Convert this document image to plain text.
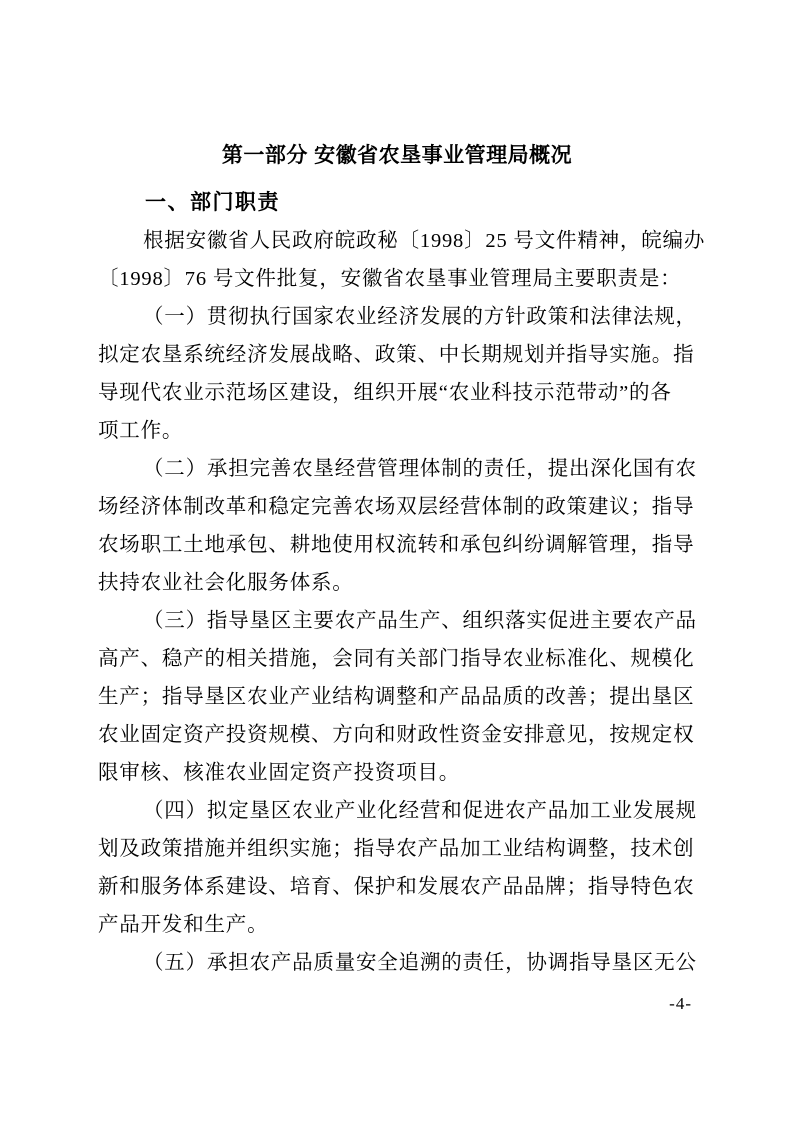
第一部分 安徽省农垦事业管理局概况
一、部门职责
根据安徽省人民政府皖政秘〔1998〕25 号文件精神，皖编办
〔1998〕76 号文件批复，安徽省农垦事业管理局主要职责是：
（一）贯彻执行国家农业经济发展的方针政策和法律法规，
拟定农垦系统经济发展战略、政策、中长期规划并指导实施。指
导现代农业示范场区建设，组织开展“农业科技示范带动”的各
项工作。
（二）承担完善农垦经营管理体制的责任，提出深化国有农
场经济体制改革和稳定完善农场双层经营体制的政策建议；指导
农场职工土地承包、耕地使用权流转和承包纠纷调解管理，指导
扶持农业社会化服务体系。
（三）指导垦区主要农产品生产、组织落实促进主要农产品
高产、稳产的相关措施，会同有关部门指导农业标准化、规模化
生产；指导垦区农业产业结构调整和产品品质的改善；提出垦区
农业固定资产投资规模、方向和财政性资金安排意见，按规定权
限审核、核准农业固定资产投资项目。
（四）拟定垦区农业产业化经营和促进农产品加工业发展规
划及政策措施并组织实施；指导农产品加工业结构调整，技术创
新和服务体系建设、培育、保护和发展农产品品牌；指导特色农
产品开发和生产。
（五）承担农产品质量安全追溯的责任，协调指导垦区无公
-4-
